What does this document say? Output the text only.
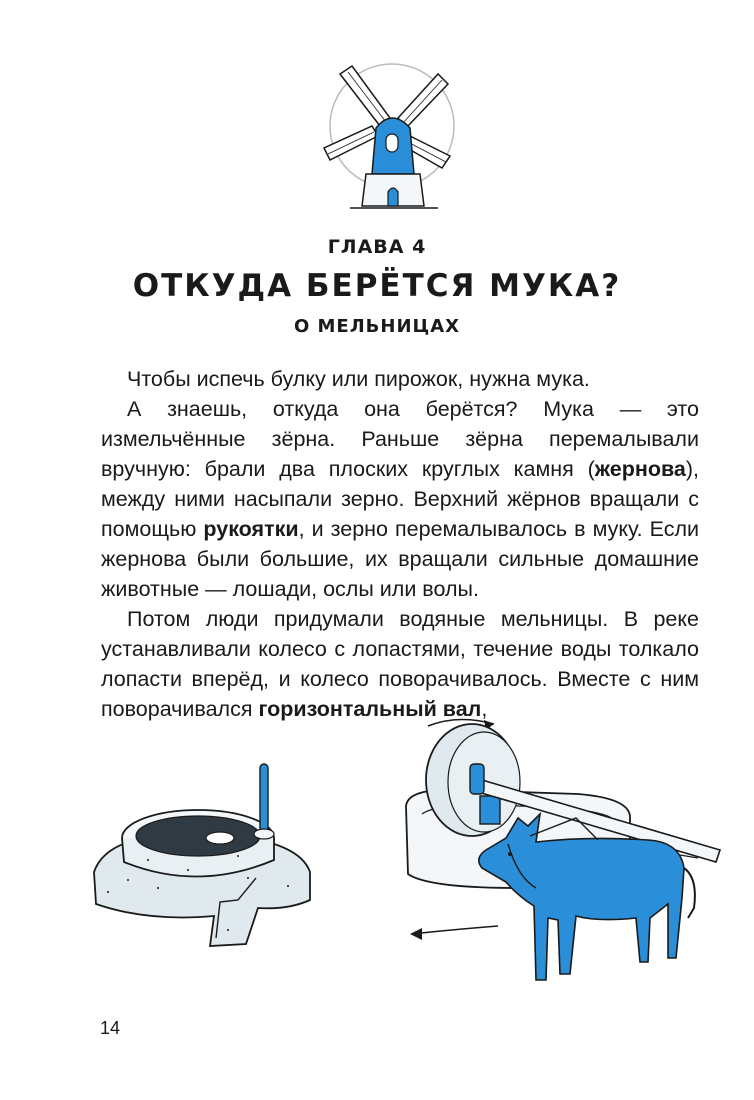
ГЛАВА 4
ОТКУДА БЕРЁТСЯ МУКА?
О МЕЛЬНИЦАХ

Чтобы испечь булку или пирожок, нужна мука.

А знаешь, откуда она берётся? Мука — это измельчённые зёрна. Раньше зёрна перемалывали вручную: брали два плоских круглых камня (жернова), между ними насыпали зерно. Верхний жёрнов вращали с помощью рукоятки, и зерно перемалывалось в муку. Если жернова были большие, их вращали сильные домашние животные — лошади, ослы или волы.

Потом люди придумали водяные мельницы. В реке устанавливали колесо с лопастями, течение воды толкало лопасти вперёд, и колесо поворачивалось. Вместе с ним поворачивался горизонтальный вал,

14
